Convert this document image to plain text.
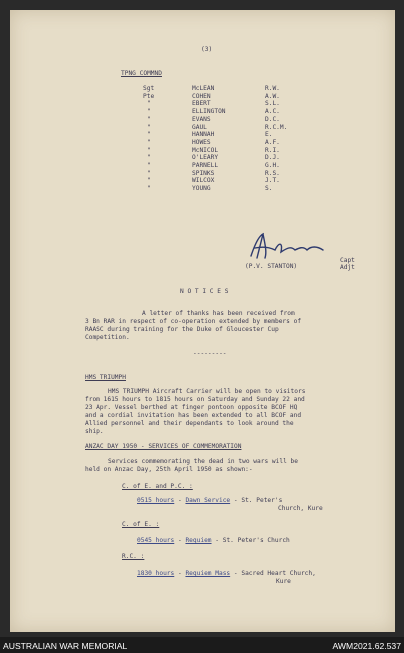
(3)
TPNG COMMND
Sgt	McLEAN	R.W.
Pte	COHEN	A.W.
"	EBERT	S.L.
"	ELLINGTON	A.C.
"	EVANS	D.C.
"	GAUL	R.C.M.
"	HANNAH	E.
"	HOWES	A.F.
"	McNICOL	R.I.
"	O'LEARY	D.J.
"	PARNELL	G.H.
"	SPINKS	R.S.
"	WILCOX	J.T.
"	YOUNG	S.
(P.V. STANTON)
Capt
Adjt
N O T I C E S
A letter of thanks has been received from
3 Bn RAR in respect of co-operation extended by members of
RAASC during training for the Duke of Gloucester Cup
Competition.
---------
HMS TRIUMPH
HMS TRIUMPH Aircraft Carrier will be open to visitors
from 1615 hours to 1815 hours on Saturday and Sunday 22 and
23 Apr. Vessel berthed at finger pontoon opposite BCOF HQ
and a cordial invitation has been extended to all BCOF and
Allied personnel and their dependants to look around the
ship.
ANZAC DAY 1950 - SERVICES OF COMMEMORATION
Services commemorating the dead in two wars will be
held on Anzac Day, 25th April 1950 as shown:-
C. of E. and P.C. :
0515 hours - Dawn Service - St. Peter's
Church, Kure
C. of E. :
0545 hours - Requiem - St. Peter's Church
R.C. :
1830 hours - Requiem Mass - Sacred Heart Church,
Kure
AUSTRALIAN WAR MEMORIAL	AWM2021.62.537
